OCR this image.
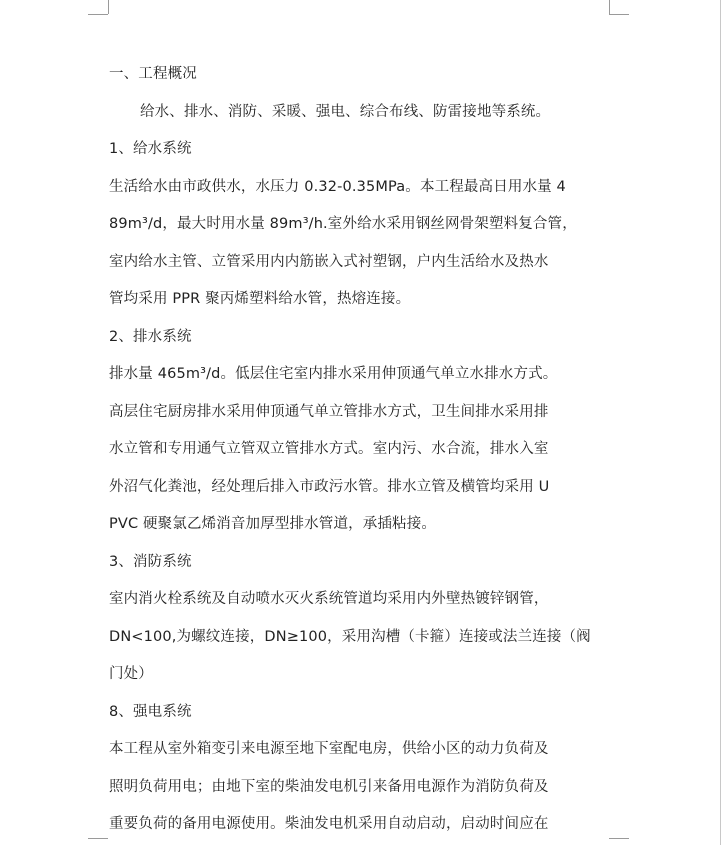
一、工程概况

给水、排水、消防、采暖、强电、综合布线、防雷接地等系统。

1、给水系统

生活给水由市政供水，水压力 0.32-0.35MPa。本工程最高日用水量 4

89m³/d，最大时用水量 89m³/h.室外给水采用钢丝网骨架塑料复合管，

室内给水主管、立管采用内内筋嵌入式衬塑钢，户内生活给水及热水

管均采用 PPR 聚丙烯塑料给水管，热熔连接。

2、排水系统

排水量 465m³/d。低层住宅室内排水采用伸顶通气单立水排水方式。

高层住宅厨房排水采用伸顶通气单立管排水方式，卫生间排水采用排

水立管和专用通气立管双立管排水方式。室内污、水合流，排水入室

外沼气化粪池，经处理后排入市政污水管。排水立管及横管均采用 U

PVC 硬聚氯乙烯消音加厚型排水管道，承插粘接。

3、消防系统

室内消火栓系统及自动喷水灭火系统管道均采用内外壁热镀锌钢管，

DN<100,为螺纹连接，DN≥100，采用沟槽（卡箍）连接或法兰连接（阀

门处）

8、强电系统

本工程从室外箱变引来电源至地下室配电房，供给小区的动力负荷及

照明负荷用电；由地下室的柴油发电机引来备用电源作为消防负荷及

重要负荷的备用电源使用。柴油发电机采用自动启动，启动时间应在
